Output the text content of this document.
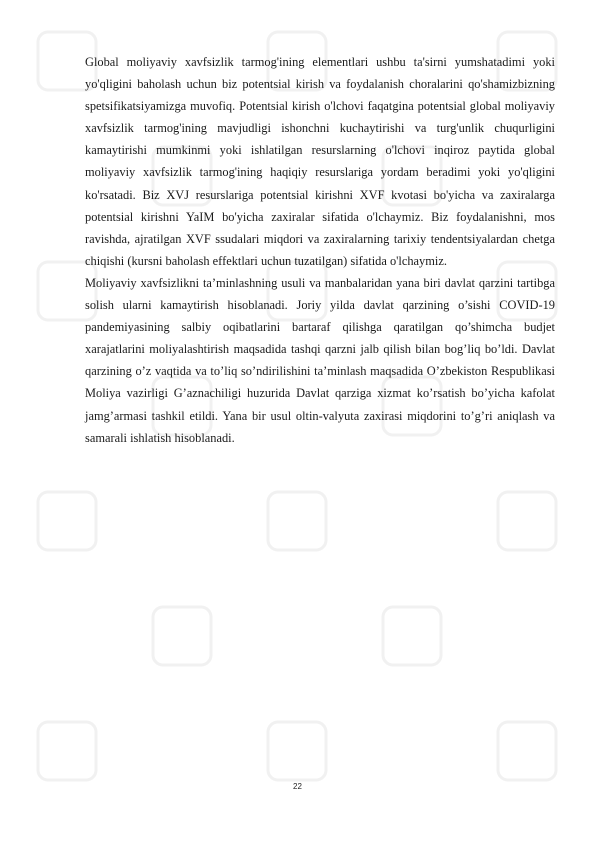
Global moliyaviy xavfsizlik tarmog'ining elementlari ushbu ta'sirni yumshatadimi yoki yo'qligini baholash uchun biz potentsial kirish va foydalanish choralarini qo'shamizbizning spetsifikatsiyamizga muvofiq. Potentsial kirish o'lchovi faqatgina potentsial global moliyaviy xavfsizlik tarmog'ining mavjudligi ishonchni kuchaytirishi va turg'unlik chuqurligini kamaytirishi mumkinmi yoki ishlatilgan resurslarning o'lchovi inqiroz paytida global moliyaviy xavfsizlik tarmog'ining haqiqiy resurslariga yordam beradimi yoki yo'qligini ko'rsatadi. Biz XVJ resurslariga potentsial kirishni XVF kvotasi bo'yicha va zaxiralarga potentsial kirishni YaIM bo'yicha zaxiralar sifatida o'lchaymiz. Biz foydalanishni, mos ravishda, ajratilgan XVF ssudalari miqdori va zaxiralarning tarixiy tendentsiyalardan chetga chiqishi (kursni baholash effektlari uchun tuzatilgan) sifatida o'lchaymiz.

Moliyaviy xavfsizlikni ta’minlashning usuli va manbalaridan yana biri davlat qarzini tartibga solish ularni kamaytirish hisoblanadi. Joriy yilda davlat qarzining o’sishi COVID-19 pandemiyasining salbiy oqibatlarini bartaraf qilishga qaratilgan qo’shimcha budjet xarajatlarini moliyalashtirish maqsadida tashqi qarzni jalb qilish bilan bog’liq bo’ldi. Davlat qarzining o’z vaqtida va to’liq so’ndirilishini ta’minlash maqsadida O’zbekiston Respublikasi Moliya vazirligi G’aznachiligi huzurida Davlat qarziga xizmat ko’rsatish bo’yicha kafolat jamg’armasi tashkil etildi. Yana bir usul oltin-valyuta zaxirasi miqdorini to’g’ri aniqlash va samarali ishlatish hisoblanadi.

22
